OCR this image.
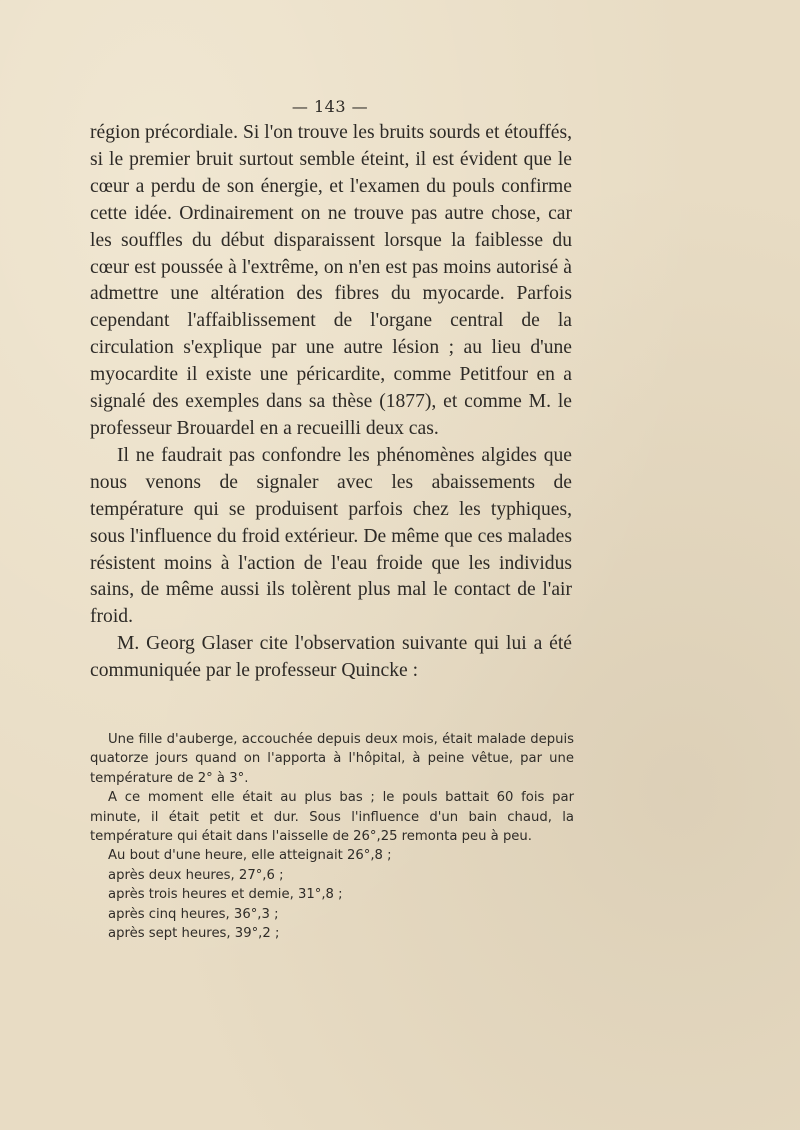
— 143 —

région précordiale. Si l'on trouve les bruits sourds et étouffés, si le premier bruit surtout semble éteint, il est évident que le cœur a perdu de son énergie, et l'examen du pouls confirme cette idée. Ordinairement on ne trouve pas autre chose, car les souffles du début disparaissent lorsque la faiblesse du cœur est poussée à l'extrême, on n'en est pas moins autorisé à admettre une altération des fibres du myocarde. Parfois cependant l'affaiblissement de l'organe central de la circulation s'explique par une autre lésion ; au lieu d'une myocardite il existe une péricardite, comme Petitfour en a signalé des exemples dans sa thèse (1877), et comme M. le professeur Brouardel en a recueilli deux cas.

Il ne faudrait pas confondre les phénomènes algides que nous venons de signaler avec les abaissements de température qui se produisent parfois chez les typhiques, sous l'influence du froid extérieur. De même que ces malades résistent moins à l'action de l'eau froide que les individus sains, de même aussi ils tolèrent plus mal le contact de l'air froid.

M. Georg Glaser cite l'observation suivante qui lui a été communiquée par le professeur Quincke :

Une fille d'auberge, accouchée depuis deux mois, était malade depuis quatorze jours quand on l'apporta à l'hôpital, à peine vêtue, par une température de 2° à 3°.

A ce moment elle était au plus bas ; le pouls battait 60 fois par minute, il était petit et dur. Sous l'influence d'un bain chaud, la température qui était dans l'aisselle de 26°,25 remonta peu à peu.

Au bout d'une heure, elle atteignait 26°,8 ;

après deux heures, 27°,6 ;

après trois heures et demie, 31°,8 ;

après cinq heures, 36°,3 ;

après sept heures, 39°,2 ;
